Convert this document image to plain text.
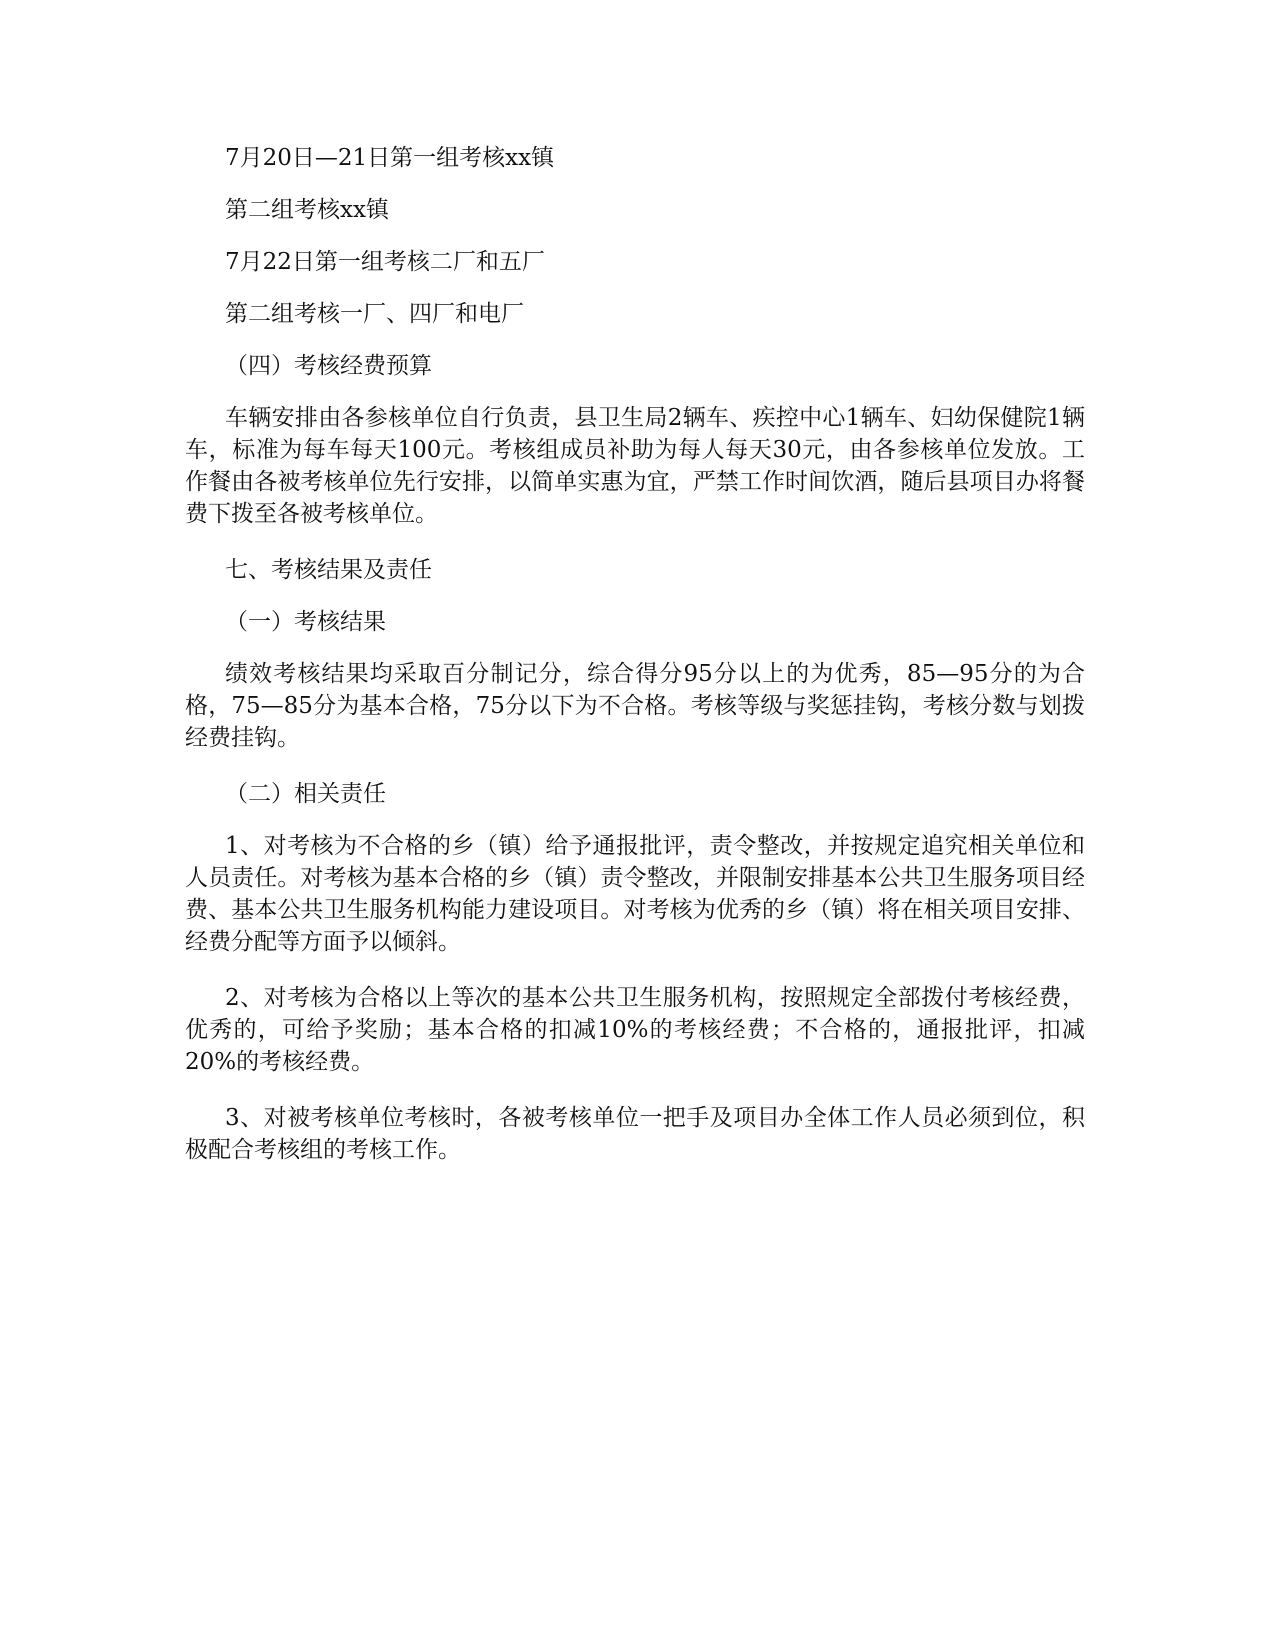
7月20日—21日第一组考核xx镇

第二组考核xx镇

7月22日第一组考核二厂和五厂

第二组考核一厂、四厂和电厂

（四）考核经费预算

车辆安排由各参核单位自行负责，县卫生局2辆车、疾控中心1辆车、妇幼保健院1辆车，标准为每车每天100元。考核组成员补助为每人每天30元，由各参核单位发放。工作餐由各被考核单位先行安排，以简单实惠为宜，严禁工作时间饮酒，随后县项目办将餐费下拨至各被考核单位。

七、考核结果及责任

（一）考核结果

绩效考核结果均采取百分制记分，综合得分95分以上的为优秀，85—95分的为合格，75—85分为基本合格，75分以下为不合格。考核等级与奖惩挂钩，考核分数与划拨经费挂钩。

（二）相关责任

1、对考核为不合格的乡（镇）给予通报批评，责令整改，并按规定追究相关单位和人员责任。对考核为基本合格的乡（镇）责令整改，并限制安排基本公共卫生服务项目经费、基本公共卫生服务机构能力建设项目。对考核为优秀的乡（镇）将在相关项目安排、经费分配等方面予以倾斜。

2、对考核为合格以上等次的基本公共卫生服务机构，按照规定全部拨付考核经费，优秀的，可给予奖励；基本合格的扣减10%的考核经费；不合格的，通报批评，扣减20%的考核经费。

3、对被考核单位考核时，各被考核单位一把手及项目办全体工作人员必须到位，积极配合考核组的考核工作。
